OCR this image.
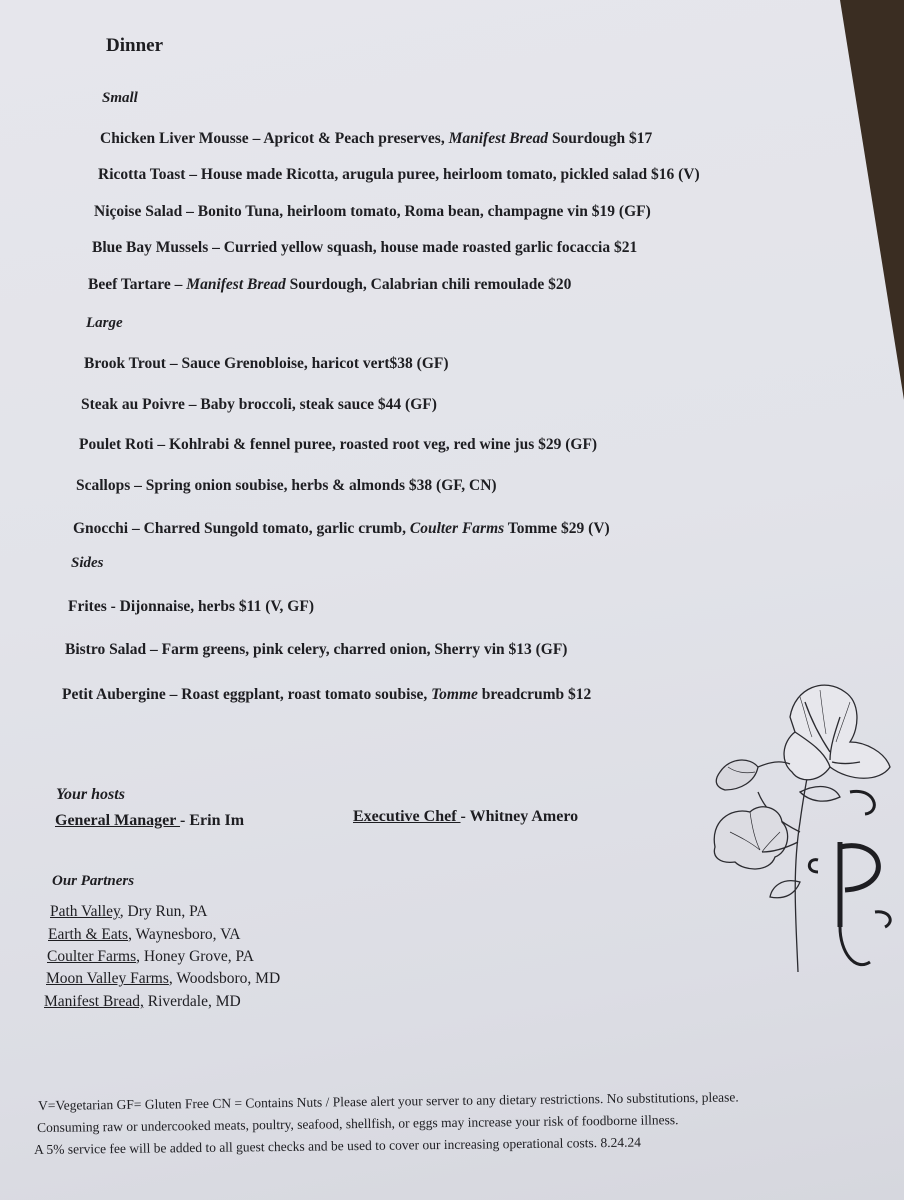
Dinner
Small
Chicken Liver Mousse – Apricot & Peach preserves, Manifest Bread Sourdough $17
Ricotta Toast – House made Ricotta, arugula puree, heirloom tomato, pickled salad $16 (V)
Niçoise Salad – Bonito Tuna, heirloom tomato, Roma bean, champagne vin $19 (GF)
Blue Bay Mussels – Curried yellow squash, house made roasted garlic focaccia $21
Beef Tartare – Manifest Bread Sourdough, Calabrian chili remoulade $20
Large
Brook Trout – Sauce Grenobloise, haricot vert$38 (GF)
Steak au Poivre – Baby broccoli, steak sauce $44 (GF)
Poulet Roti – Kohlrabi & fennel puree, roasted root veg, red wine jus $29 (GF)
Scallops – Spring onion soubise, herbs & almonds $38 (GF, CN)
Gnocchi – Charred Sungold tomato, garlic crumb, Coulter Farms Tomme $29 (V)
Sides
Frites - Dijonnaise, herbs $11 (V, GF)
Bistro Salad – Farm greens, pink celery, charred onion, Sherry vin $13 (GF)
Petit Aubergine – Roast eggplant, roast tomato soubise, Tomme breadcrumb $12
Your hosts
General Manager - Erin Im	Executive Chef - Whitney Amero
Our Partners
Path Valley, Dry Run, PA
Earth & Eats, Waynesboro, VA
Coulter Farms, Honey Grove, PA
Moon Valley Farms, Woodsboro, MD
Manifest Bread, Riverdale, MD
V=Vegetarian GF= Gluten Free CN = Contains Nuts / Please alert your server to any dietary restrictions. No substitutions, please.
Consuming raw or undercooked meats, poultry, seafood, shellfish, or eggs may increase your risk of foodborne illness.
A 5% service fee will be added to all guest checks and be used to cover our increasing operational costs. 8.24.24
